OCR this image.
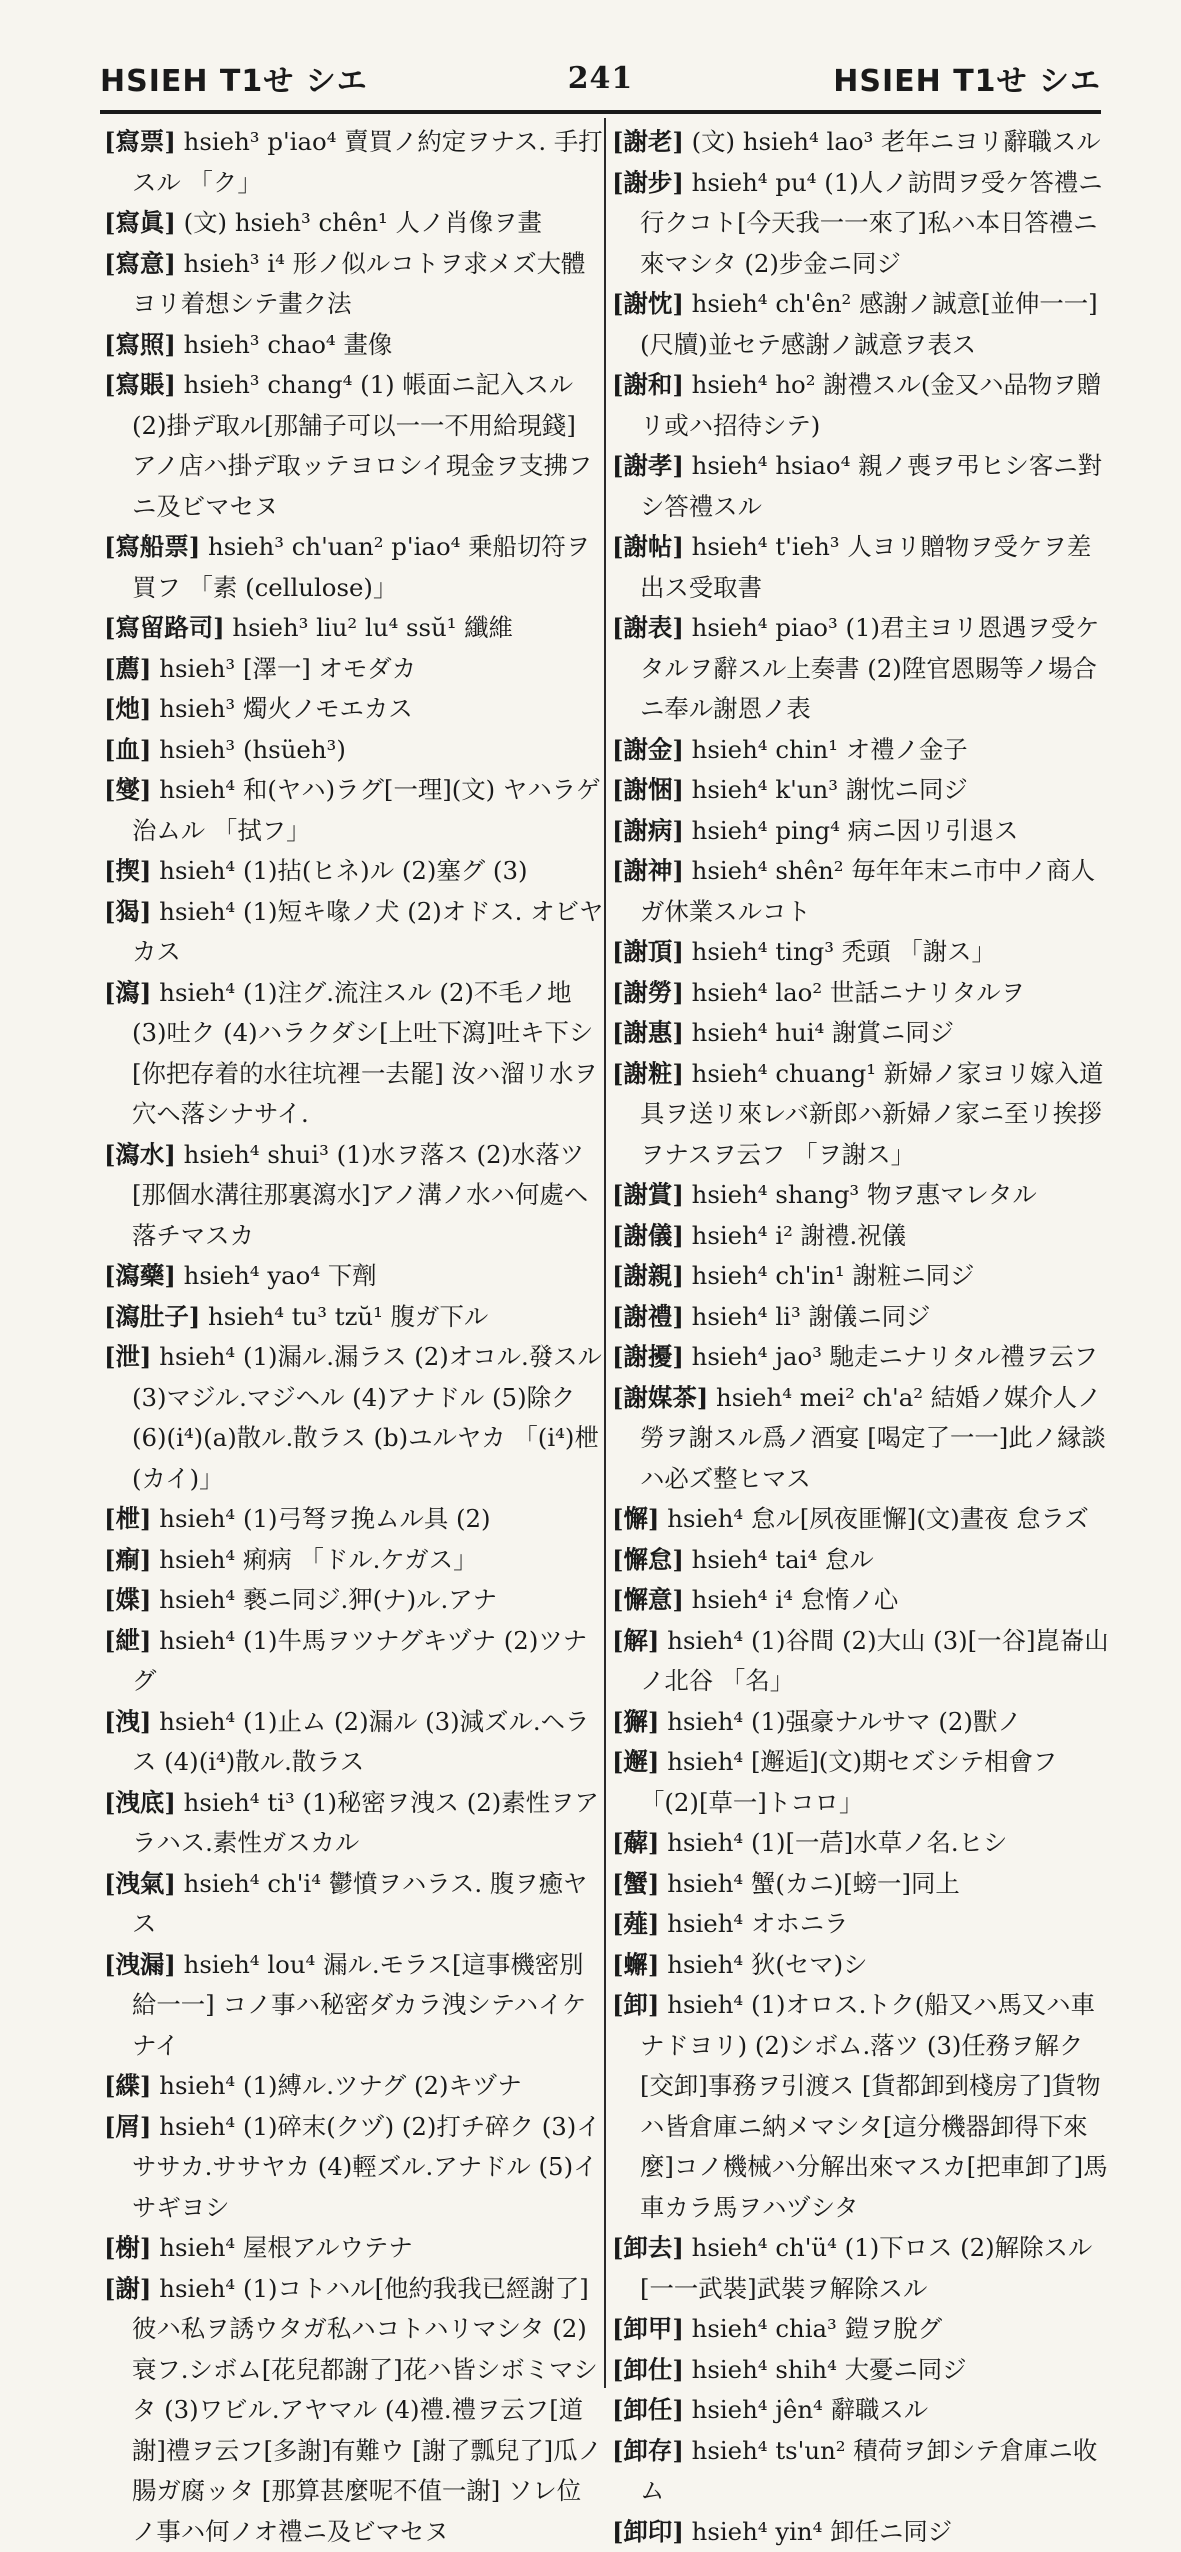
HSIEH T1せ シエ	241	HSIEH T1せ シエ

[寫票] hsieh³ p'iao⁴ 賣買ノ約定ヲナス. 手打スル 「ク」

[寫眞] (文) hsieh³ chên¹ 人ノ肖像ヲ畫

[寫意] hsieh³ i⁴ 形ノ似ルコトヲ求メズ大體ヨリ着想シテ畫ク法

[寫照] hsieh³ chao⁴ 畫像

[寫賬] hsieh³ chang⁴ (1) 帳面ニ記入スル (2)掛デ取ル[那舗子可以一一不用給現錢] アノ店ハ掛デ取ッテヨロシイ現金ヲ支拂フニ及ビマセヌ

[寫船票] hsieh³ ch'uan² p'iao⁴ 乗船切符ヲ買フ 「素 (cellulose)」

[寫留路司] hsieh³ liu² lu⁴ ssŭ¹ 纖維

[薦] hsieh³ [澤一] オモダカ

[灺] hsieh³ 燭火ノモエカス

[血] hsieh³ (hsüeh³)

[燮] hsieh⁴ 和(ヤハ)ラグ[一理](文) ヤハラゲ治ムル 「拭フ」

[揳] hsieh⁴ (1)拈(ヒネ)ル (2)塞グ (3)

[猲] hsieh⁴ (1)短キ喙ノ犬 (2)オドス. オビヤカス

[瀉] hsieh⁴ (1)注グ.流注スル (2)不毛ノ地 (3)吐ク (4)ハラクダシ[上吐下瀉]吐キ下シ [你把存着的水往坑裡一去罷] 汝ハ溜リ水ヲ穴ヘ落シナサイ.

[瀉水] hsieh⁴ shui³ (1)水ヲ落ス (2)水落ツ[那個水溝往那裏瀉水]アノ溝ノ水ハ何處ヘ落チマスカ

[瀉藥] hsieh⁴ yao⁴ 下劑

[瀉肚子] hsieh⁴ tu³ tzŭ¹ 腹ガ下ル

[泄] hsieh⁴ (1)漏ル.漏ラス (2)オコル.發スル (3)マジル.マジヘル (4)アナドル (5)除ク (6)(i⁴)(a)散ル.散ラス (b)ユルヤカ 「(i⁴)枻(カイ)」

[枻] hsieh⁴ (1)弓弩ヲ挽ムル具 (2)

[痸] hsieh⁴ 痢病 「ドル.ケガス」

[媟] hsieh⁴ 褻ニ同ジ.狎(ナ)ル.アナ

[紲] hsieh⁴ (1)牛馬ヲツナグキヅナ (2)ツナグ

[洩] hsieh⁴ (1)止ム (2)漏ル (3)減ズル.ヘラス (4)(i⁴)散ル.散ラス

[洩底] hsieh⁴ ti³ (1)秘密ヲ洩ス (2)素性ヲアラハス.素性ガスカル

[洩氣] hsieh⁴ ch'i⁴ 鬱憤ヲハラス. 腹ヲ癒ヤス

[洩漏] hsieh⁴ lou⁴ 漏ル.モラス[這事機密別給一一] コノ事ハ秘密ダカラ洩シテハイケナイ

[緤] hsieh⁴ (1)縛ル.ツナグ (2)キヅナ

[屑] hsieh⁴ (1)碎末(クヅ) (2)打チ碎ク (3)イササカ.ササヤカ (4)輕ズル.アナドル (5)イサギヨシ

[榭] hsieh⁴ 屋根アルウテナ

[謝] hsieh⁴ (1)コトハル[他約我我已經謝了] 彼ハ私ヲ誘ウタガ私ハコトハリマシタ (2)衰フ.シボム[花兒都謝了]花ハ皆シボミマシタ (3)ワビル.アヤマル (4)禮.禮ヲ云フ[道謝]禮ヲ云フ[多謝]有難ウ [謝了瓢兒了]瓜ノ腸ガ腐ッタ [那算甚麼呢不值一謝] ソレ位ノ事ハ何ノオ禮ニ及ビマセヌ

[謝老] (文) hsieh⁴ lao³ 老年ニヨリ辭職スル

[謝步] hsieh⁴ pu⁴ (1)人ノ訪問ヲ受ケ答禮ニ行クコト[今天我一一來了]私ハ本日答禮ニ來マシタ (2)步金ニ同ジ

[謝忱] hsieh⁴ ch'ên² 感謝ノ誠意[並伸一一](尺牘)並セテ感謝ノ誠意ヲ表ス

[謝和] hsieh⁴ ho² 謝禮スル(金又ハ品物ヲ贈リ或ハ招待シテ)

[謝孝] hsieh⁴ hsiao⁴ 親ノ喪ヲ弔ヒシ客ニ對シ答禮スル

[謝帖] hsieh⁴ t'ieh³ 人ヨリ贈物ヲ受ケヲ差出ス受取書

[謝表] hsieh⁴ piao³ (1)君主ヨリ恩遇ヲ受ケタルヲ辭スル上奏書 (2)陞官恩賜等ノ場合ニ奉ル謝恩ノ表

[謝金] hsieh⁴ chin¹ オ禮ノ金子

[謝悃] hsieh⁴ k'un³ 謝忱ニ同ジ

[謝病] hsieh⁴ ping⁴ 病ニ因リ引退ス

[謝神] hsieh⁴ shên² 毎年年末ニ市中ノ商人ガ休業スルコト

[謝頂] hsieh⁴ ting³ 禿頭 「謝ス」

[謝勞] hsieh⁴ lao² 世話ニナリタルヲ

[謝惠] hsieh⁴ hui⁴ 謝賞ニ同ジ

[謝粧] hsieh⁴ chuang¹ 新婦ノ家ヨリ嫁入道具ヲ送リ來レバ新郎ハ新婦ノ家ニ至リ挨拶ヲナスヲ云フ 「ヲ謝ス」

[謝賞] hsieh⁴ shang³ 物ヲ惠マレタル

[謝儀] hsieh⁴ i² 謝禮.祝儀

[謝親] hsieh⁴ ch'in¹ 謝粧ニ同ジ

[謝禮] hsieh⁴ li³ 謝儀ニ同ジ

[謝擾] hsieh⁴ jao³ 馳走ニナリタル禮ヲ云フ

[謝媒茶] hsieh⁴ mei² ch'a² 結婚ノ媒介人ノ勞ヲ謝スル爲ノ酒宴 [喝定了一一]此ノ縁談ハ必ズ整ヒマス

[懈] hsieh⁴ 怠ル[夙夜匪懈](文)晝夜 怠ラズ

[懈怠] hsieh⁴ tai⁴ 怠ル

[懈意] hsieh⁴ i⁴ 怠惰ノ心

[解] hsieh⁴ (1)谷間 (2)大山 (3)[一谷]崑崙山ノ北谷 「名」

[獬] hsieh⁴ (1)强豪ナルサマ (2)獸ノ

[邂] hsieh⁴ [邂逅](文)期セズシテ相會フ 「(2)[草一]トコロ」

[薢] hsieh⁴ (1)[一茩]水草ノ名.ヒシ

[蟹] hsieh⁴ 蟹(カニ)[螃一]同上

[薤] hsieh⁴ オホニラ

[蠏] hsieh⁴ 狄(セマ)シ

[卸] hsieh⁴ (1)オロス.トク(船又ハ馬又ハ車ナドヨリ) (2)シボム.落ツ (3)任務ヲ解ク[交卸]事務ヲ引渡ス [貨都卸到棧房了]貨物ハ皆倉庫ニ納メマシタ[這分機器卸得下來麼]コノ機械ハ分解出來マスカ[把車卸了]馬車カラ馬ヲハヅシタ

[卸去] hsieh⁴ ch'ü⁴ (1)下ロス (2)解除スル[一一武裝]武裝ヲ解除スル

[卸甲] hsieh⁴ chia³ 鎧ヲ脫グ

[卸仕] hsieh⁴ shih⁴ 大憂ニ同ジ

[卸任] hsieh⁴ jên⁴ 辭職スル

[卸存] hsieh⁴ ts'un² 積荷ヲ卸シテ倉庫ニ收ム

[卸印] hsieh⁴ yin⁴ 卸任ニ同ジ
